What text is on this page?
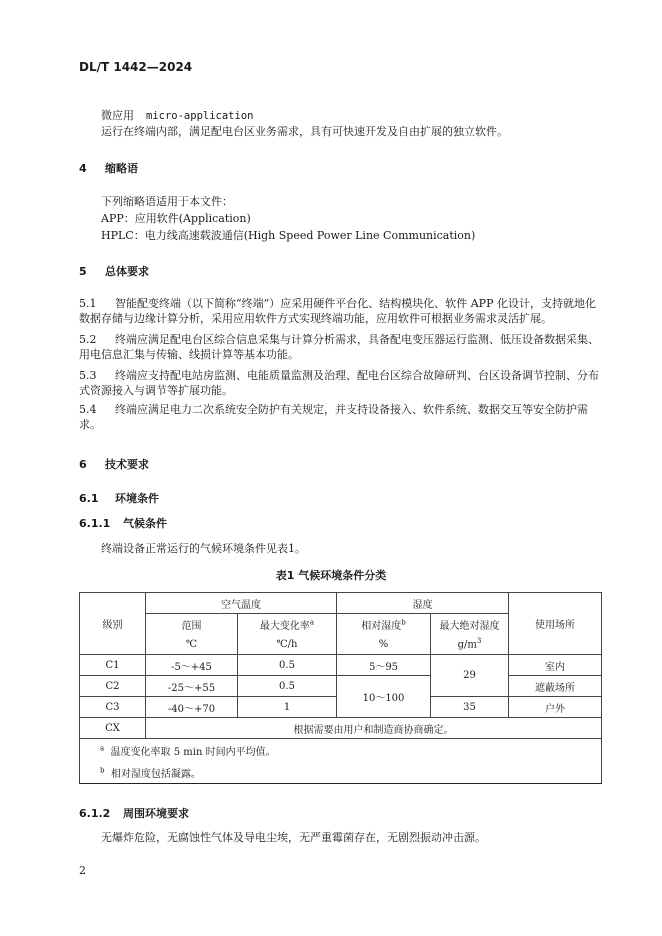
DL/T 1442—2024
微应用 micro-application
运行在终端内部，满足配电台区业务需求，具有可快速开发及自由扩展的独立软件。
4 缩略语
下列缩略语适用于本文件：
APP：应用软件(Application)
HPLC：电力线高速载波通信(High Speed Power Line Communication)
5 总体要求
5.1 智能配变终端（以下简称“终端”）应采用硬件平台化、结构模块化、软件 APP 化设计，支持就地化数据存储与边缘计算分析，采用应用软件方式实现终端功能，应用软件可根据业务需求灵活扩展。
5.2 终端应满足配电台区综合信息采集与计算分析需求，具备配电变压器运行监测、低压设备数据采集、用电信息汇集与传输、线损计算等基本功能。
5.3 终端应支持配电站房监测、电能质量监测及治理、配电台区综合故障研判、台区设备调节控制、分布式资源接入与调节等扩展功能。
5.4 终端应满足电力二次系统安全防护有关规定，并支持设备接入、软件系统、数据交互等安全防护需求。
6 技术要求
6.1 环境条件
6.1.1 气候条件
终端设备正常运行的气候环境条件见表1。
表1 气候环境条件分类
级别	空气温度		湿度		使用场所
	范围	最大变化率$^a$	相对湿度$^b$	最大绝对湿度	
	℃	℃/h	%	$g/m^3$
C1	-5～+45	0.5	5～95	29	室内
C2	-25～+55	0.5	10～100		遮蔽场所
C3	-40～+70	1		35	户外
CX	根据需要由用户和制造商协商确定。				
$^a$ 温度变化率取 5 min 时间内平均值。					
$^b$ 相对湿度包括凝露。					
6.1.2 周围环境要求
无爆炸危险，无腐蚀性气体及导电尘埃，无严重霉菌存在，无剧烈振动冲击源。
2
